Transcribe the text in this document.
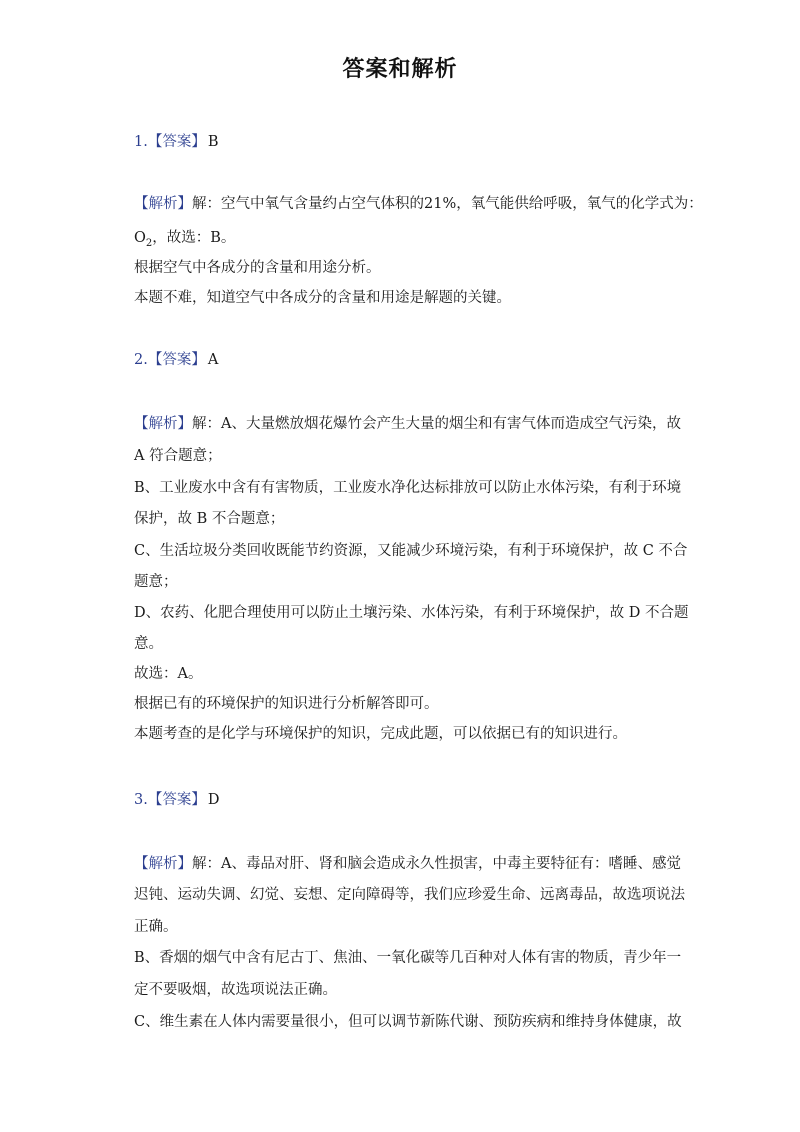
答案和解析
1.【答案】 B
【解析】解：空气中氧气含量约占空气体积的21%，氧气能供给呼吸，氧气的化学式为：
$O_2$，故选：B。
根据空气中各成分的含量和用途分析。
本题不难，知道空气中各成分的含量和用途是解题的关键。
2.【答案】 A
【解析】解：A、大量燃放烟花爆竹会产生大量的烟尘和有害气体而造成空气污染，故
A 符合题意；
B、工业废水中含有有害物质，工业废水净化达标排放可以防止水体污染，有利于环境
保护，故 B 不合题意；
C、生活垃圾分类回收既能节约资源，又能减少环境污染，有利于环境保护，故 C 不合
题意；
D、农药、化肥合理使用可以防止土壤污染、水体污染，有利于环境保护，故 D 不合题
意。
故选：A。
根据已有的环境保护的知识进行分析解答即可。
本题考查的是化学与环境保护的知识，完成此题，可以依据已有的知识进行。
3.【答案】 D
【解析】解：A、毒品对肝、肾和脑会造成永久性损害，中毒主要特征有：嗜睡、感觉
迟钝、运动失调、幻觉、妄想、定向障碍等，我们应珍爱生命、远离毒品，故选项说法
正确。
B、香烟的烟气中含有尼古丁、焦油、一氧化碳等几百种对人体有害的物质，青少年一
定不要吸烟，故选项说法正确。
C、维生素在人体内需要量很小，但可以调节新陈代谢、预防疾病和维持身体健康，故
